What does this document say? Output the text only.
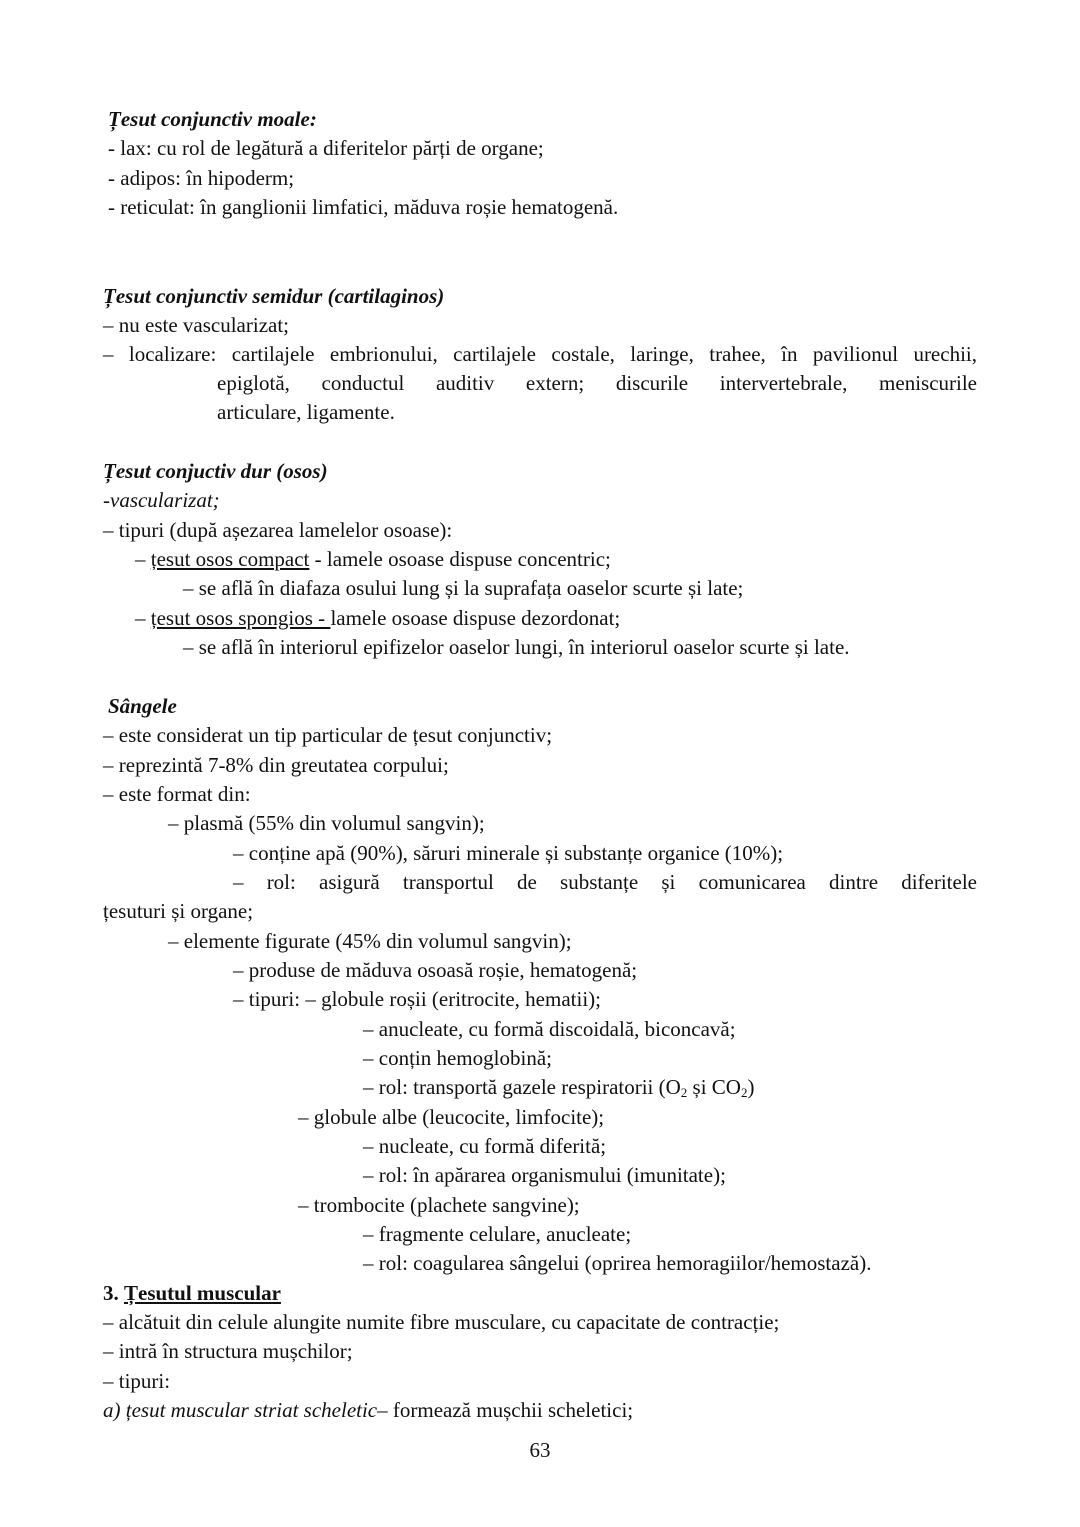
Țesut conjunctiv moale:
- lax: cu rol de legătură a diferitelor părți de organe;
- adipos: în hipoderm;
- reticulat: în ganglionii limfatici, măduva roșie hematogenă.
Țesut conjunctiv semidur (cartilaginos)
– nu este vascularizat;
– localizare: cartilajele embrionului, cartilajele costale, laringe, trahee, în pavilionul urechii,
epiglotă, conductul auditiv extern; discurile intervertebrale, meniscurile
articulare, ligamente.
Țesut conjuctiv dur (osos)
-vascularizat;
– tipuri (după așezarea lamelelor osoase):
– țesut osos compact - lamele osoase dispuse concentric;
– se află în diafaza osului lung și la suprafața oaselor scurte și late;
– țesut osos spongios - lamele osoase dispuse dezordonat;
– se află în interiorul epifizelor oaselor lungi, în interiorul oaselor scurte și late.
Sângele
– este considerat un tip particular de țesut conjunctiv;
– reprezintă 7-8% din greutatea corpului;
– este format din:
– plasmă (55% din volumul sangvin);
– conține apă (90%), săruri minerale și substanțe organice (10%);
– rol: asigură transportul de substanțe și comunicarea dintre diferitele
țesuturi și organe;
– elemente figurate (45% din volumul sangvin);
– produse de măduva osoasă roșie, hematogenă;
– tipuri: – globule roșii (eritrocite, hematii);
– anucleate, cu formă discoidală, biconcavă;
– conțin hemoglobină;
– rol: transportă gazele respiratorii ($O_2$ și $CO_2$)
– globule albe (leucocite, limfocite);
– nucleate, cu formă diferită;
– rol: în apărarea organismului (imunitate);
– trombocite (plachete sangvine);
– fragmente celulare, anucleate;
– rol: coagularea sângelui (oprirea hemoragiilor/hemostază).
3. Țesutul muscular
– alcătuit din celule alungite numite fibre musculare, cu capacitate de contracție;
– intră în structura mușchilor;
– tipuri:
a) țesut muscular striat scheletic– formează mușchii scheletici;
63
